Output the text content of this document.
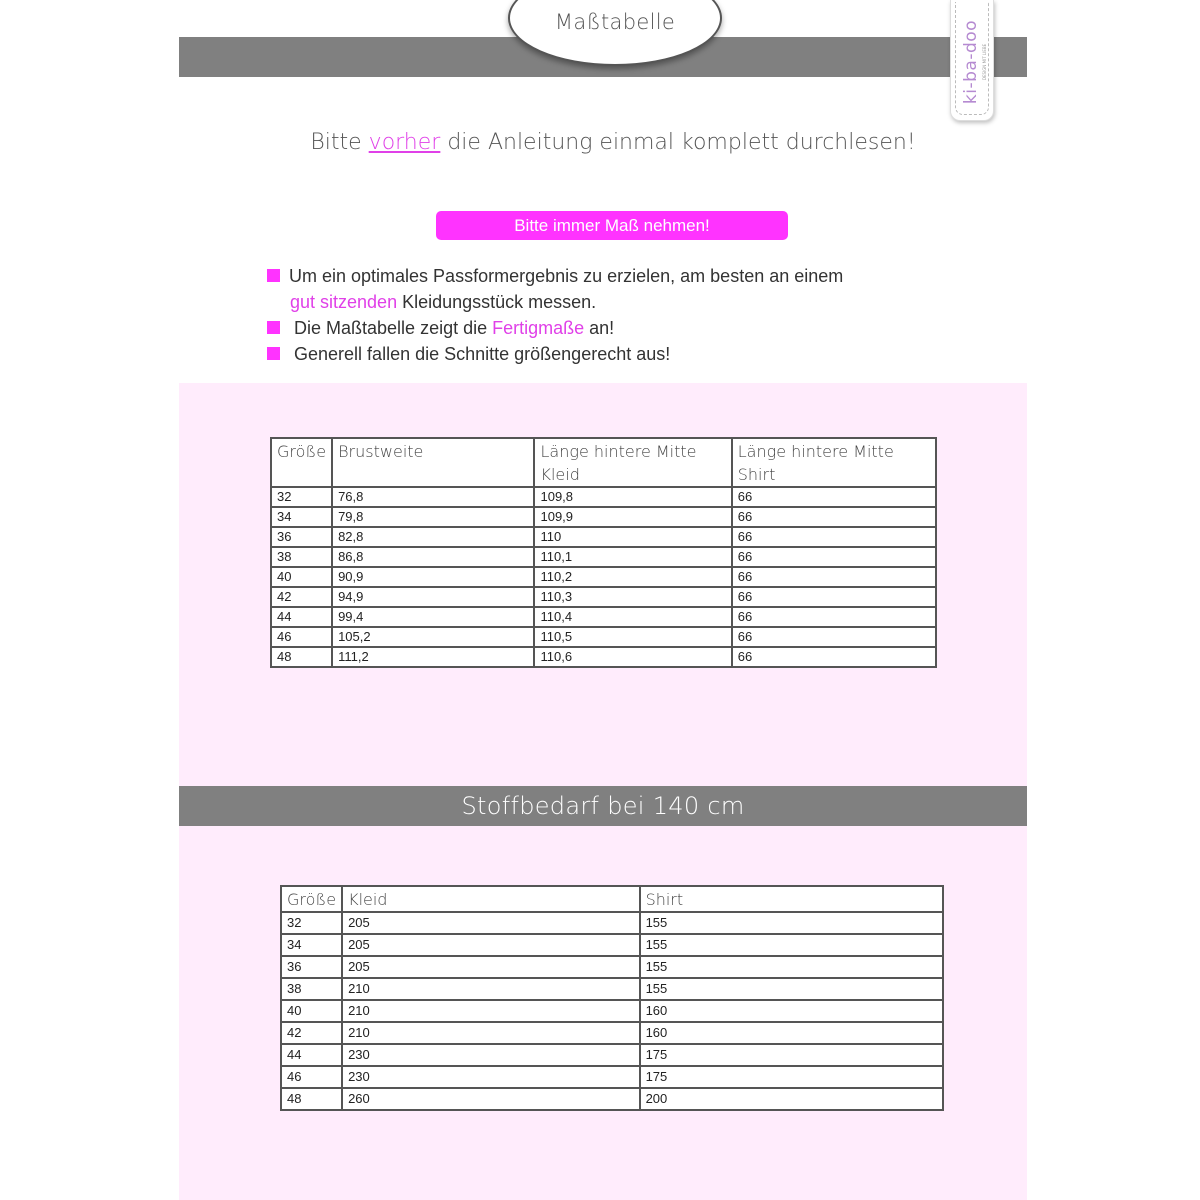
Maßtabelle	ki-ba-doo DESIGN MIT LIEBE
Bitte vorher die Anleitung einmal komplett durchlesen!
Bitte immer Maß nehmen!
Um ein optimales Passformergebnis zu erzielen, am besten an einem
gut sitzenden Kleidungsstück messen.
Die Maßtabelle zeigt die Fertigmaße an!
Generell fallen die Schnitte größengerecht aus!
Größe	Brustweite	Länge hintere Mitte Kleid	Länge hintere Mitte Shirt
32	76,8	109,8	66
34	79,8	109,9	66
36	82,8	110	66
38	86,8	110,1	66
40	90,9	110,2	66
42	94,9	110,3	66
44	99,4	110,4	66
46	105,2	110,5	66
48	111,2	110,6	66
Stoffbedarf bei 140 cm
Größe	Kleid	Shirt
32	205	155
34	205	155
36	205	155
38	210	155
40	210	160
42	210	160
44	230	175
46	230	175
48	260	200
